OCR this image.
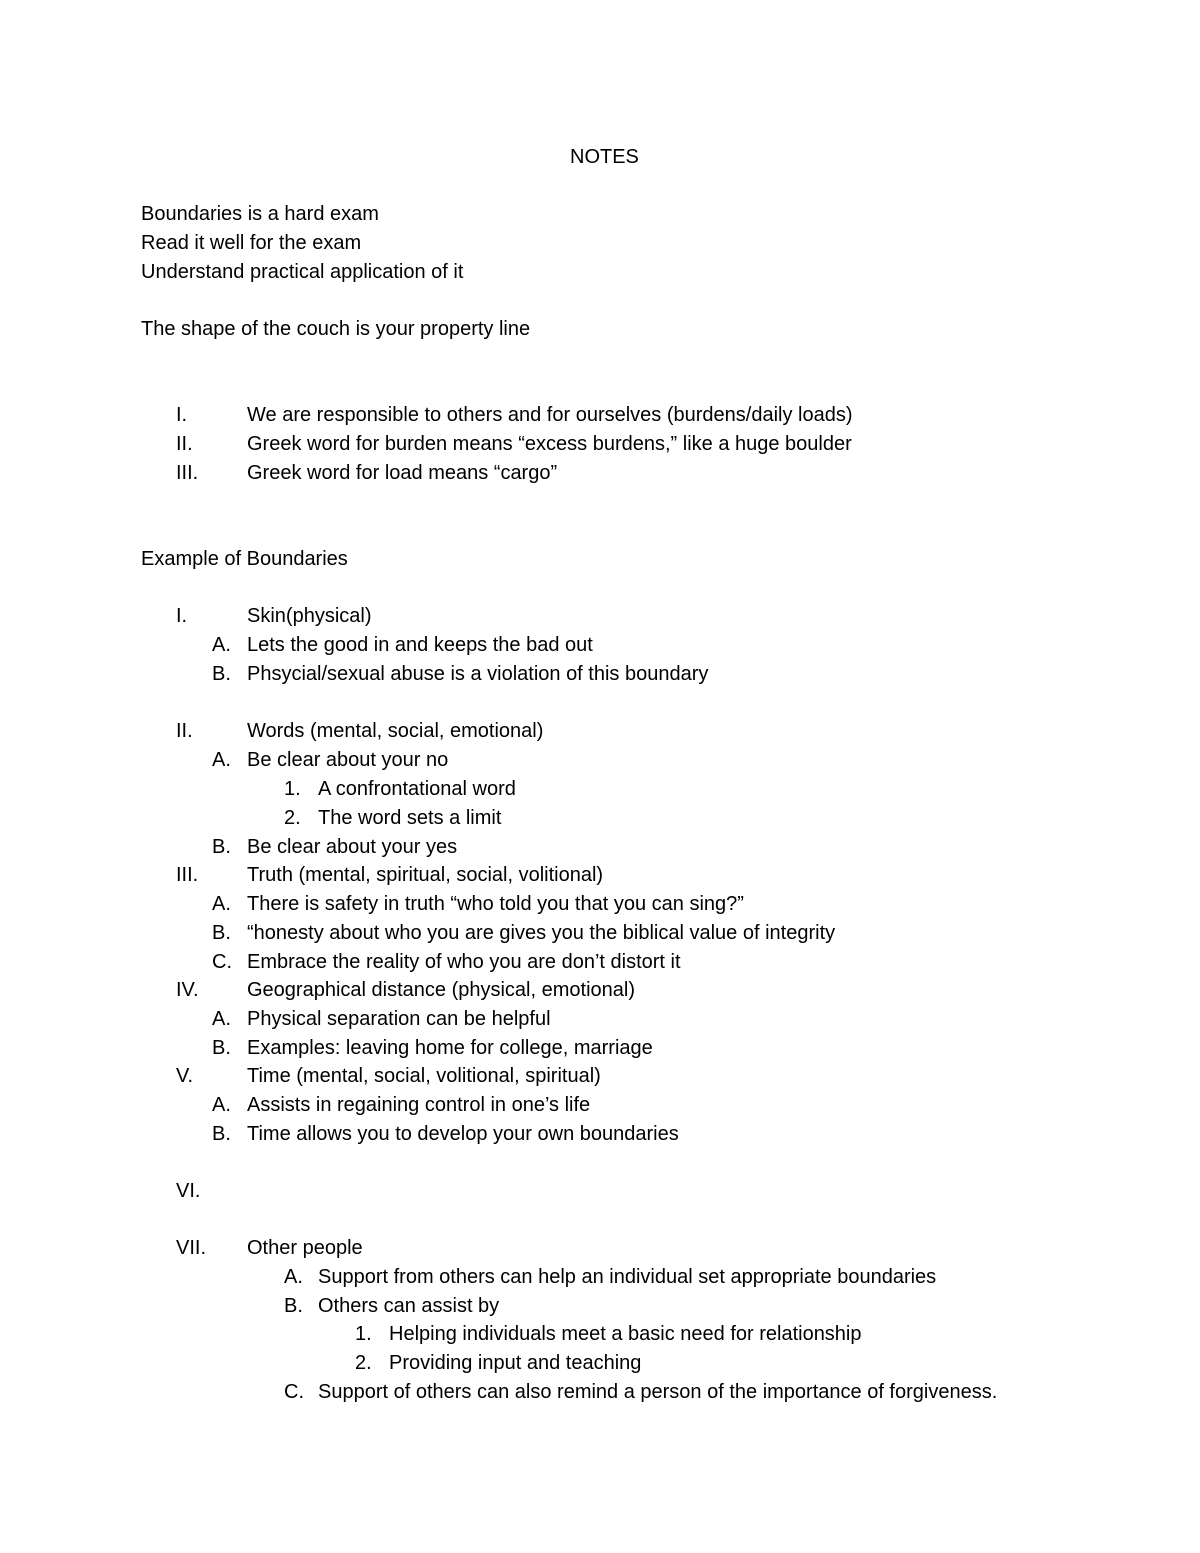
NOTES
Boundaries is a hard exam
Read it well for the exam
Understand practical application of it
The shape of the couch is your property line
I.	We are responsible to others and for ourselves (burdens/daily loads)
II.	Greek word for burden means “excess burdens,” like a huge boulder
III. Greek word for load means “cargo”
Example of Boundaries
I.	Skin(physical)
A. Lets the good in and keeps the bad out
B. Phsycial/sexual abuse is a violation of this boundary
II.	Words (mental, social, emotional)
A. Be clear about your no
1. A confrontational word
2. The word sets a limit
B. Be clear about your yes
III. Truth (mental, spiritual, social, volitional)
A. There is safety in truth “who told you that you can sing?”
B. “honesty about who you are gives you the biblical value of integrity
C. Embrace the reality of who you are don’t distort it
IV. Geographical distance (physical, emotional)
A. Physical separation can be helpful
B. Examples: leaving home for college, marriage
V.	Time (mental, social, volitional, spiritual)
A. Assists in regaining control in one’s life
B. Time allows you to develop your own boundaries
VI.
VII. Other people
A. Support from others can help an individual set appropriate boundaries
B. Others can assist by
1. Helping individuals meet a basic need for relationship
2. Providing input and teaching
C. Support of others can also remind a person of the importance of forgiveness.
